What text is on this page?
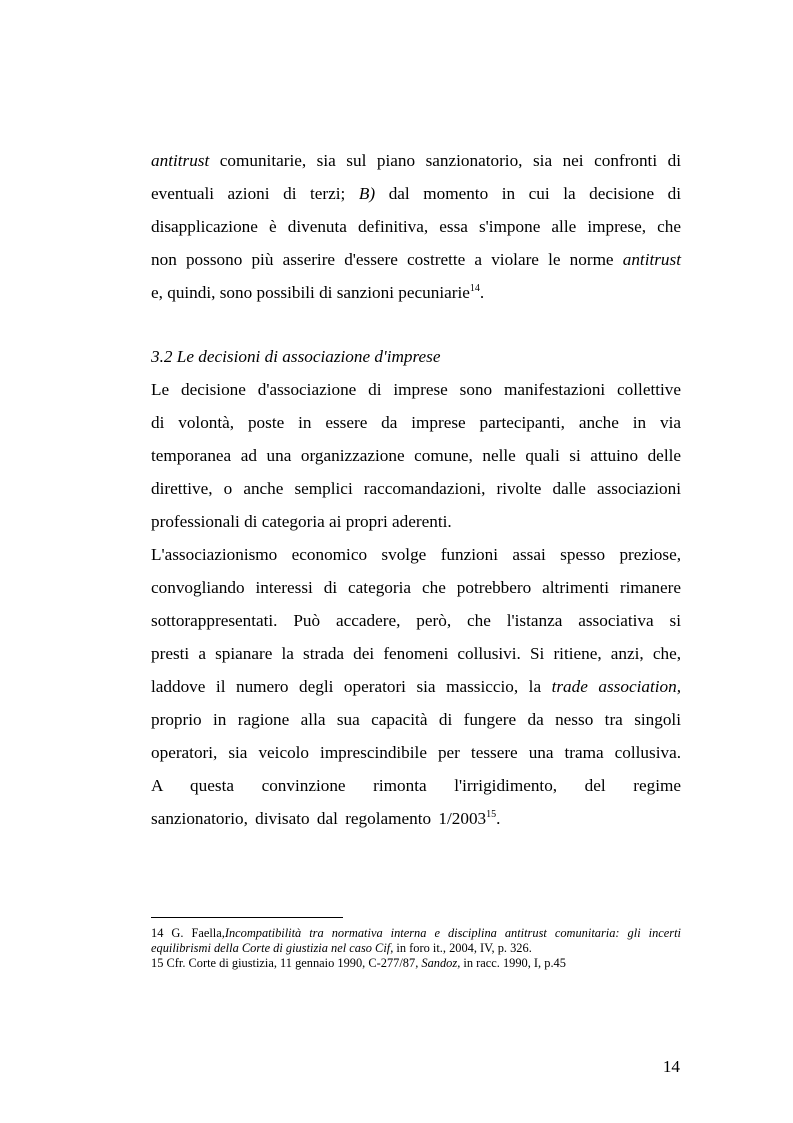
antitrust comunitarie, sia sul piano sanzionatorio, sia nei confronti di
eventuali azioni di terzi; B) dal momento in cui la decisione di
disapplicazione è divenuta definitiva, essa s'impone alle imprese, che
non possono più asserire d'essere costrette a violare le norme antitrust
e, quindi, sono possibili di sanzioni pecuniarie$^{14}$.
3.2 Le decisioni di associazione d'imprese
Le decisione d'associazione di imprese sono manifestazioni collettive
di volontà, poste in essere da imprese partecipanti, anche in via
temporanea ad una organizzazione comune, nelle quali si attuino delle
direttive, o anche semplici raccomandazioni, rivolte dalle associazioni
professionali di categoria ai propri aderenti.
L'associazionismo economico svolge funzioni assai spesso preziose,
convogliando interessi di categoria che potrebbero altrimenti rimanere
sottorappresentati. Può accadere, però, che l'istanza associativa si
presti a spianare la strada dei fenomeni collusivi. Si ritiene, anzi, che,
laddove il numero degli operatori sia massiccio, la trade association,
proprio in ragione alla sua capacità di fungere da nesso tra singoli
operatori, sia veicolo imprescindibile per tessere una trama collusiva.
A questa convinzione rimonta l'irrigidimento, del regime
sanzionatorio, divisato dal regolamento 1/2003$^{15}$.
14 G. Faella,Incompatibilità tra normativa interna e disciplina antitrust comunitaria: gli incerti
equilibrismi della Corte di giustizia nel caso Cif, in foro it., 2004, IV, p. 326.
15 Cfr. Corte di giustizia, 11 gennaio 1990, C-277/87, Sandoz, in racc. 1990, I, p.45
14
